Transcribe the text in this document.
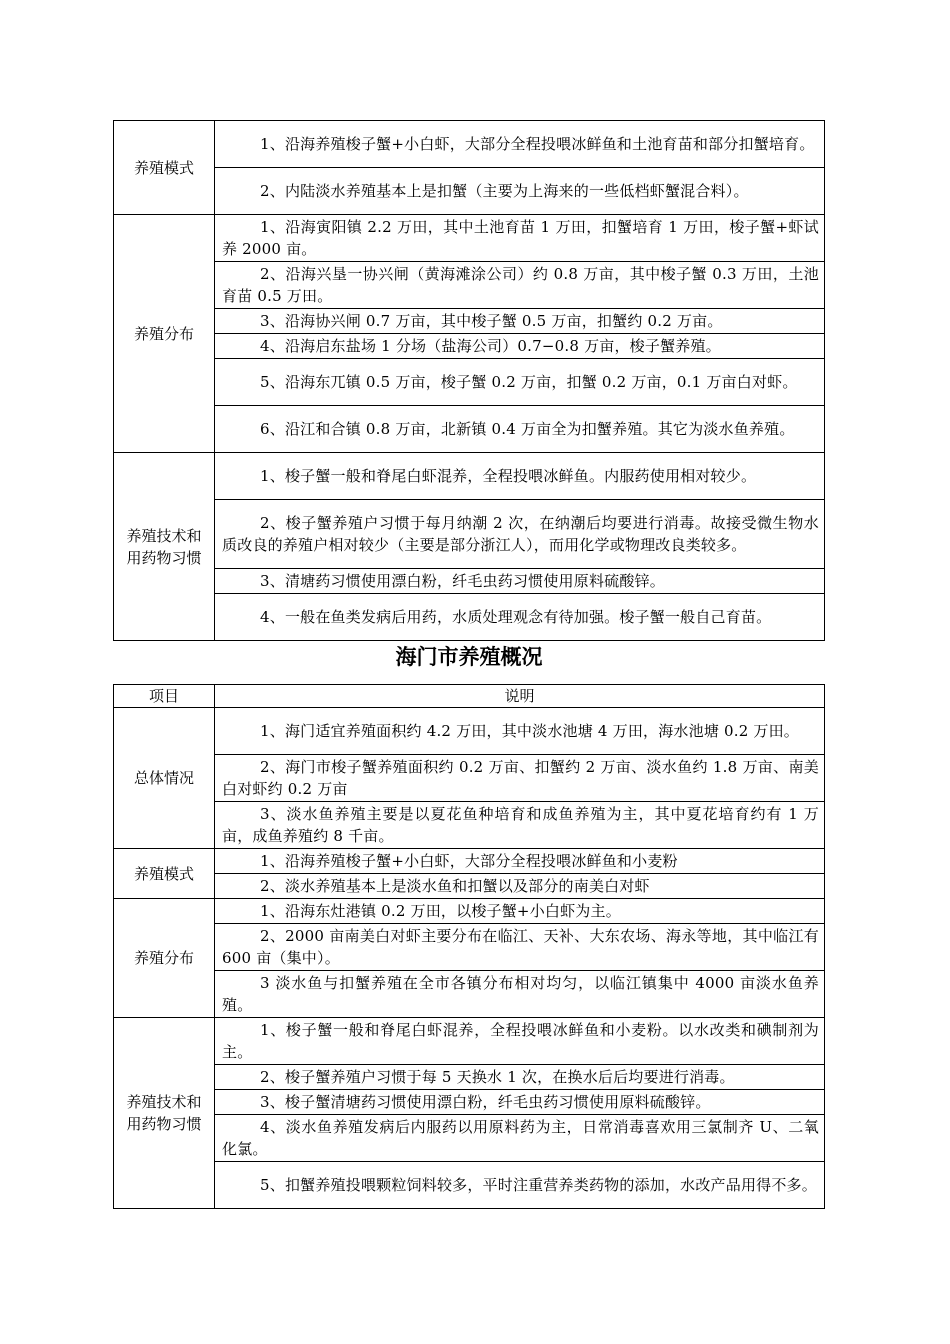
养殖模式	1、沿海养殖梭子蟹+小白虾，大部分全程投喂冰鲜鱼和土池育苗和部分扣蟹培育。

	2、内陆淡水养殖基本上是扣蟹（主要为上海来的一些低档虾蟹混合料）。

养殖分布	1、沿海寅阳镇 2.2 万田，其中土池育苗 1 万田，扣蟹培育 1 万田，梭子蟹+虾试养 2000 亩。

	2、沿海兴垦一协兴闸（黄海滩涂公司）约 0.8 万亩，其中梭子蟹 0.3 万田，土池育苗 0.5 万田。

	3、沿海协兴闸 0.7 万亩，其中梭子蟹 0.5 万亩，扣蟹约 0.2 万亩。

	4、沿海启东盐场 1 分场（盐海公司）0.7−0.8 万亩，梭子蟹养殖。

	5、沿海东兀镇 0.5 万亩，梭子蟹 0.2 万亩，扣蟹 0.2 万亩，0.1 万亩白对虾。

	6、沿江和合镇 0.8 万亩，北新镇 0.4 万亩全为扣蟹养殖。其它为淡水鱼养殖。

养殖技术和用药物习惯	1、梭子蟹一般和脊尾白虾混养，全程投喂冰鲜鱼。内服药使用相对较少。

	2、梭子蟹养殖户习惯于每月纳潮 2 次，在纳潮后均要进行消毒。故接受微生物水质改良的养殖户相对较少（主要是部分浙江人），而用化学或物理改良类较多。

	3、清塘药习惯使用漂白粉，纤毛虫药习惯使用原料硫酸锌。

	4、一般在鱼类发病后用药，水质处理观念有待加强。梭子蟹一般自己育苗。
海门市养殖概况
项目	说明
总体情况	1、海门适宜养殖面积约 4.2 万田，其中淡水池塘 4 万田，海水池塘 0.2 万田。

	2、海门市梭子蟹养殖面积约 0.2 万亩、扣蟹约 2 万亩、淡水鱼约 1.8 万亩、南美白对虾约 0.2 万亩

	3、淡水鱼养殖主要是以夏花鱼种培育和成鱼养殖为主，其中夏花培育约有 1 万亩，成鱼养殖约 8 千亩。

养殖模式	1、沿海养殖梭子蟹+小白虾，大部分全程投喂冰鲜鱼和小麦粉

	2、淡水养殖基本上是淡水鱼和扣蟹以及部分的南美白对虾

养殖分布	1、沿海东灶港镇 0.2 万田，以梭子蟹+小白虾为主。

	2、2000 亩南美白对虾主要分布在临江、天补、大东农场、海永等地，其中临江有 600 亩（集中）。

	3 淡水鱼与扣蟹养殖在全市各镇分布相对均匀，以临江镇集中 4000 亩淡水鱼养殖。

养殖技术和用药物习惯	1、梭子蟹一般和脊尾白虾混养，全程投喂冰鲜鱼和小麦粉。以水改类和碘制剂为主。

	2、梭子蟹养殖户习惯于每 5 天换水 1 次，在换水后后均要进行消毒。

	3、梭子蟹清塘药习惯使用漂白粉，纤毛虫药习惯使用原料硫酸锌。

	4、淡水鱼养殖发病后内服药以用原料药为主，日常消毒喜欢用三氯制齐 U、二氧化氯。

	5、扣蟹养殖投喂颗粒饲料较多，平时注重营养类药物的添加，水改产品用得不多。
